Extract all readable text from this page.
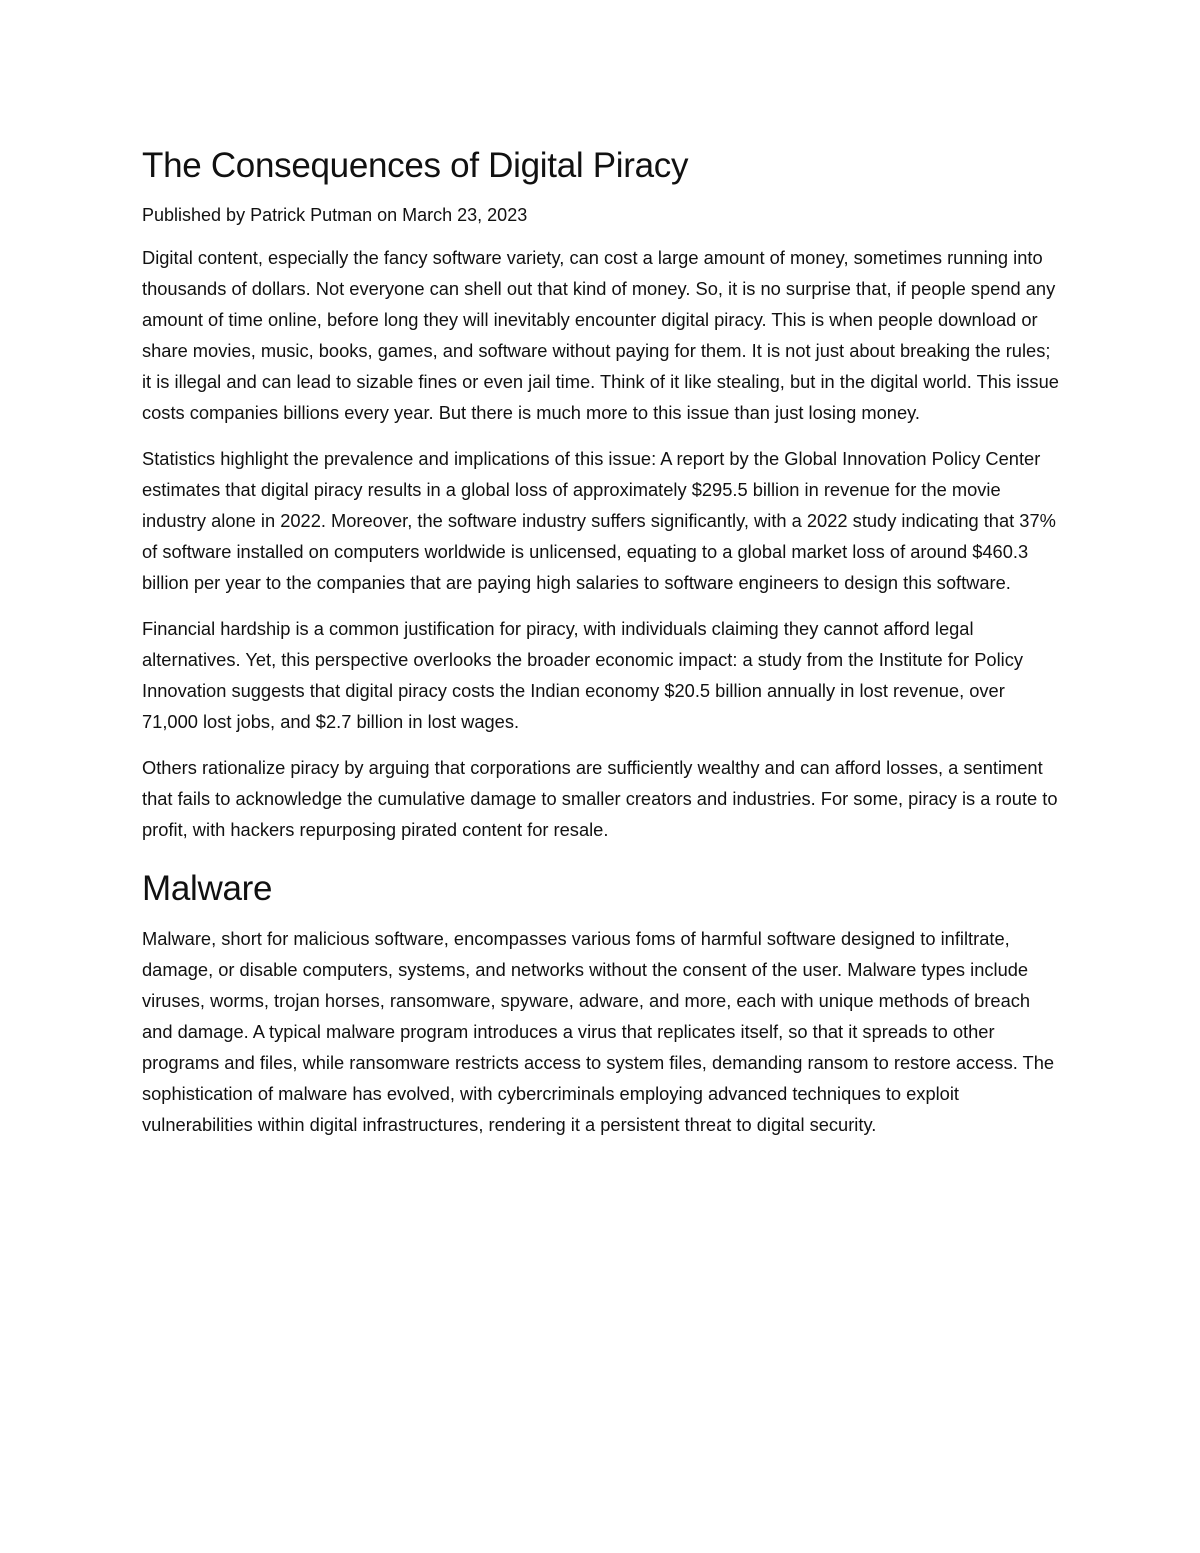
The Consequences of Digital Piracy

Published by Patrick Putman on March 23, 2023

Digital content, especially the fancy software variety, can cost a large amount of money, sometimes running into thousands of dollars. Not everyone can shell out that kind of money. So, it is no surprise that, if people spend any amount of time online, before long they will inevitably encounter digital piracy. This is when people download or share movies, music, books, games, and software without paying for them. It is not just about breaking the rules; it is illegal and can lead to sizable fines or even jail time. Think of it like stealing, but in the digital world. This issue costs companies billions every year. But there is much more to this issue than just losing money.

Statistics highlight the prevalence and implications of this issue: A report by the Global Innovation Policy Center estimates that digital piracy results in a global loss of approximately $295.5 billion in revenue for the movie industry alone in 2022. Moreover, the software industry suffers significantly, with a 2022 study indicating that 37% of software installed on computers worldwide is unlicensed, equating to a global market loss of around $460.3 billion per year to the companies that are paying high salaries to software engineers to design this software.

Financial hardship is a common justification for piracy, with individuals claiming they cannot afford legal alternatives. Yet, this perspective overlooks the broader economic impact: a study from the Institute for Policy Innovation suggests that digital piracy costs the Indian economy $20.5 billion annually in lost revenue, over 71,000 lost jobs, and $2.7 billion in lost wages.

Others rationalize piracy by arguing that corporations are sufficiently wealthy and can afford losses, a sentiment that fails to acknowledge the cumulative damage to smaller creators and industries. For some, piracy is a route to profit, with hackers repurposing pirated content for resale.

Malware

Malware, short for malicious software, encompasses various foms of harmful software designed to infiltrate, damage, or disable computers, systems, and networks without the consent of the user. Malware types include viruses, worms, trojan horses, ransomware, spyware, adware, and more, each with unique methods of breach and damage. A typical malware program introduces a virus that replicates itself, so that it spreads to other programs and files, while ransomware restricts access to system files, demanding ransom to restore access. The sophistication of malware has evolved, with cybercriminals employing advanced techniques to exploit vulnerabilities within digital infrastructures, rendering it a persistent threat to digital security.
